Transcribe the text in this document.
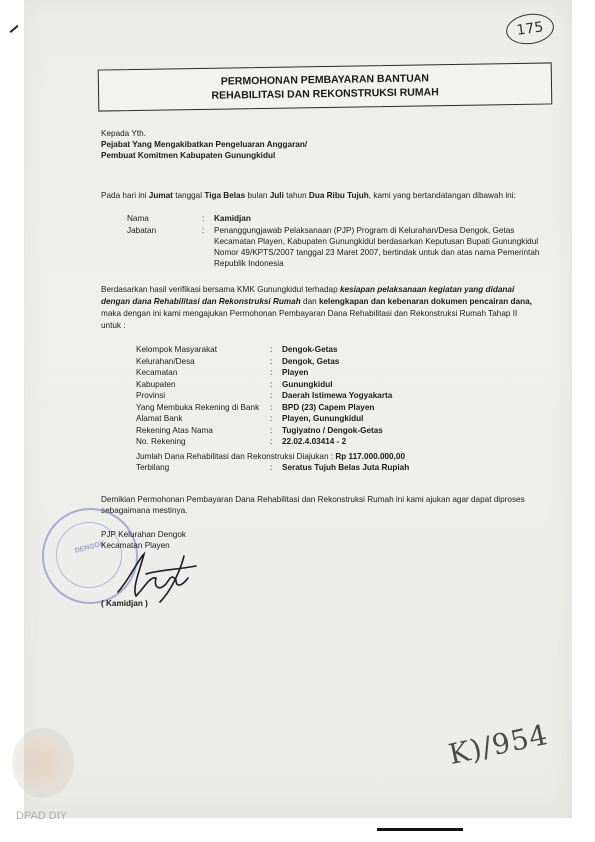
175
PERMOHONAN PEMBAYARAN BANTUAN
REHABILITASI DAN REKONSTRUKSI RUMAH
Kepada Yth.
Pejabat Yang Mengakibatkan Pengeluaran Anggaran/
Pembuat Komitmen Kabupaten Gunungkidul
Pada hari ini Jumat tanggal Tiga Belas bulan Juli tahun Dua Ribu Tujuh, kami yang bertandatangan dibawah ini:
Nama	: Kamidjan
Jabatan	: Penanggungjawab Pelaksanaan (PJP) Program di Kelurahan/Desa Dengok, Getas
Kecamatan Playen, Kabupaten Gunungkidul berdasarkan Keputusan Bupati Gunungkidul
Nomor 49/KPTS/2007 tanggal 23 Maret 2007, bertindak untuk dan atas nama Pemerintah
Republik Indonesia
Berdasarkan hasil verifikasi bersama KMK Gunungkidul terhadap kesiapan pelaksanaan kegiatan yang didanai
dengan dana Rehabilitasi dan Rekonstruksi Rumah dan kelengkapan dan kebenaran dokumen pencairan dana,
maka dengan ini kami mengajukan Permohonan Pembayaran Dana Rehabilitasi dan Rekonstruksi Rumah Tahap II
untuk :
Kelompok Masyarakat	: Dengok-Getas
Kelurahan/Desa	: Dengok, Getas
Kecamatan	: Playen
Kabupaten	: Gunungkidul
Provinsi	: Daerah Istimewa Yogyakarta
Yang Membuka Rekening di Bank : BPD (23) Capem Playen
Alamat Bank	: Playen, Gunungkidul
Rekening Atas Nama	: Tugiyatno / Dengok-Getas
No. Rekening	: 22.02.4.03414 - 2
Jumlah Dana Rehabilitasi dan Rekonstruksi Diajukan : Rp 117.000.000,00
Terbilang	: Seratus Tujuh Belas Juta Rupiah
Demikian Permohonan Pembayaran Dana Rehabilitasi dan Rekonstruksi Rumah ini kami ajukan agar dapat diproses
sebagaimana mestinya.
DENGOK
PJP Kelurahan Dengok
Kecamatan Playen
( Kamidjan )
K)/954
DPAD DIY
